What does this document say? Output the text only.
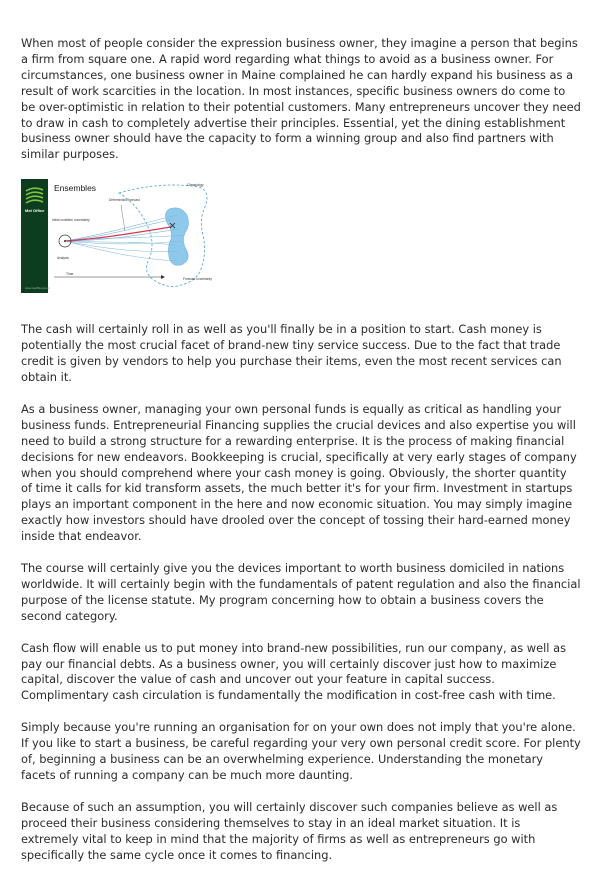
When most of people consider the expression business owner, they imagine a person that begins a firm from square one. A rapid word regarding what things to avoid as a business owner. For circumstances, one business owner in Maine complained he can hardly expand his business as a result of work scarcities in the location. In most instances, specific business owners do come to be over-optimistic in relation to their potential customers. Many entrepreneurs uncover they need to draw in cash to completely advertise their principles. Essential, yet the dining establishment business owner should have the capacity to form a winning group and also find partners with similar purposes.

Met Office
www.metoffice.gov.uk
Ensembles	Climatology
Deterministic forecast
Initial condition uncertainty
Analysis
Time
Forecast uncertainty

The cash will certainly roll in as well as you'll finally be in a position to start. Cash money is potentially the most crucial facet of brand-new tiny service success. Due to the fact that trade credit is given by vendors to help you purchase their items, even the most recent services can obtain it.

As a business owner, managing your own personal funds is equally as critical as handling your business funds. Entrepreneurial Financing supplies the crucial devices and also expertise you will need to build a strong structure for a rewarding enterprise. It is the process of making financial decisions for new endeavors. Bookkeeping is crucial, specifically at very early stages of company when you should comprehend where your cash money is going. Obviously, the shorter quantity of time it calls for kid transform assets, the much better it's for your firm. Investment in startups plays an important component in the here and now economic situation. You may simply imagine exactly how investors should have drooled over the concept of tossing their hard-earned money inside that endeavor.

The course will certainly give you the devices important to worth business domiciled in nations worldwide. It will certainly begin with the fundamentals of patent regulation and also the financial purpose of the license statute. My program concerning how to obtain a business covers the second category.

Cash flow will enable us to put money into brand-new possibilities, run our company, as well as pay our financial debts. As a business owner, you will certainly discover just how to maximize capital, discover the value of cash and uncover out your feature in capital success. Complimentary cash circulation is fundamentally the modification in cost-free cash with time.

Simply because you're running an organisation for on your own does not imply that you're alone. If you like to start a business, be careful regarding your very own personal credit score. For plenty of, beginning a business can be an overwhelming experience. Understanding the monetary facets of running a company can be much more daunting.

Because of such an assumption, you will certainly discover such companies believe as well as proceed their business considering themselves to stay in an ideal market situation. It is extremely vital to keep in mind that the majority of firms as well as entrepreneurs go with specifically the same cycle once it comes to financing.
